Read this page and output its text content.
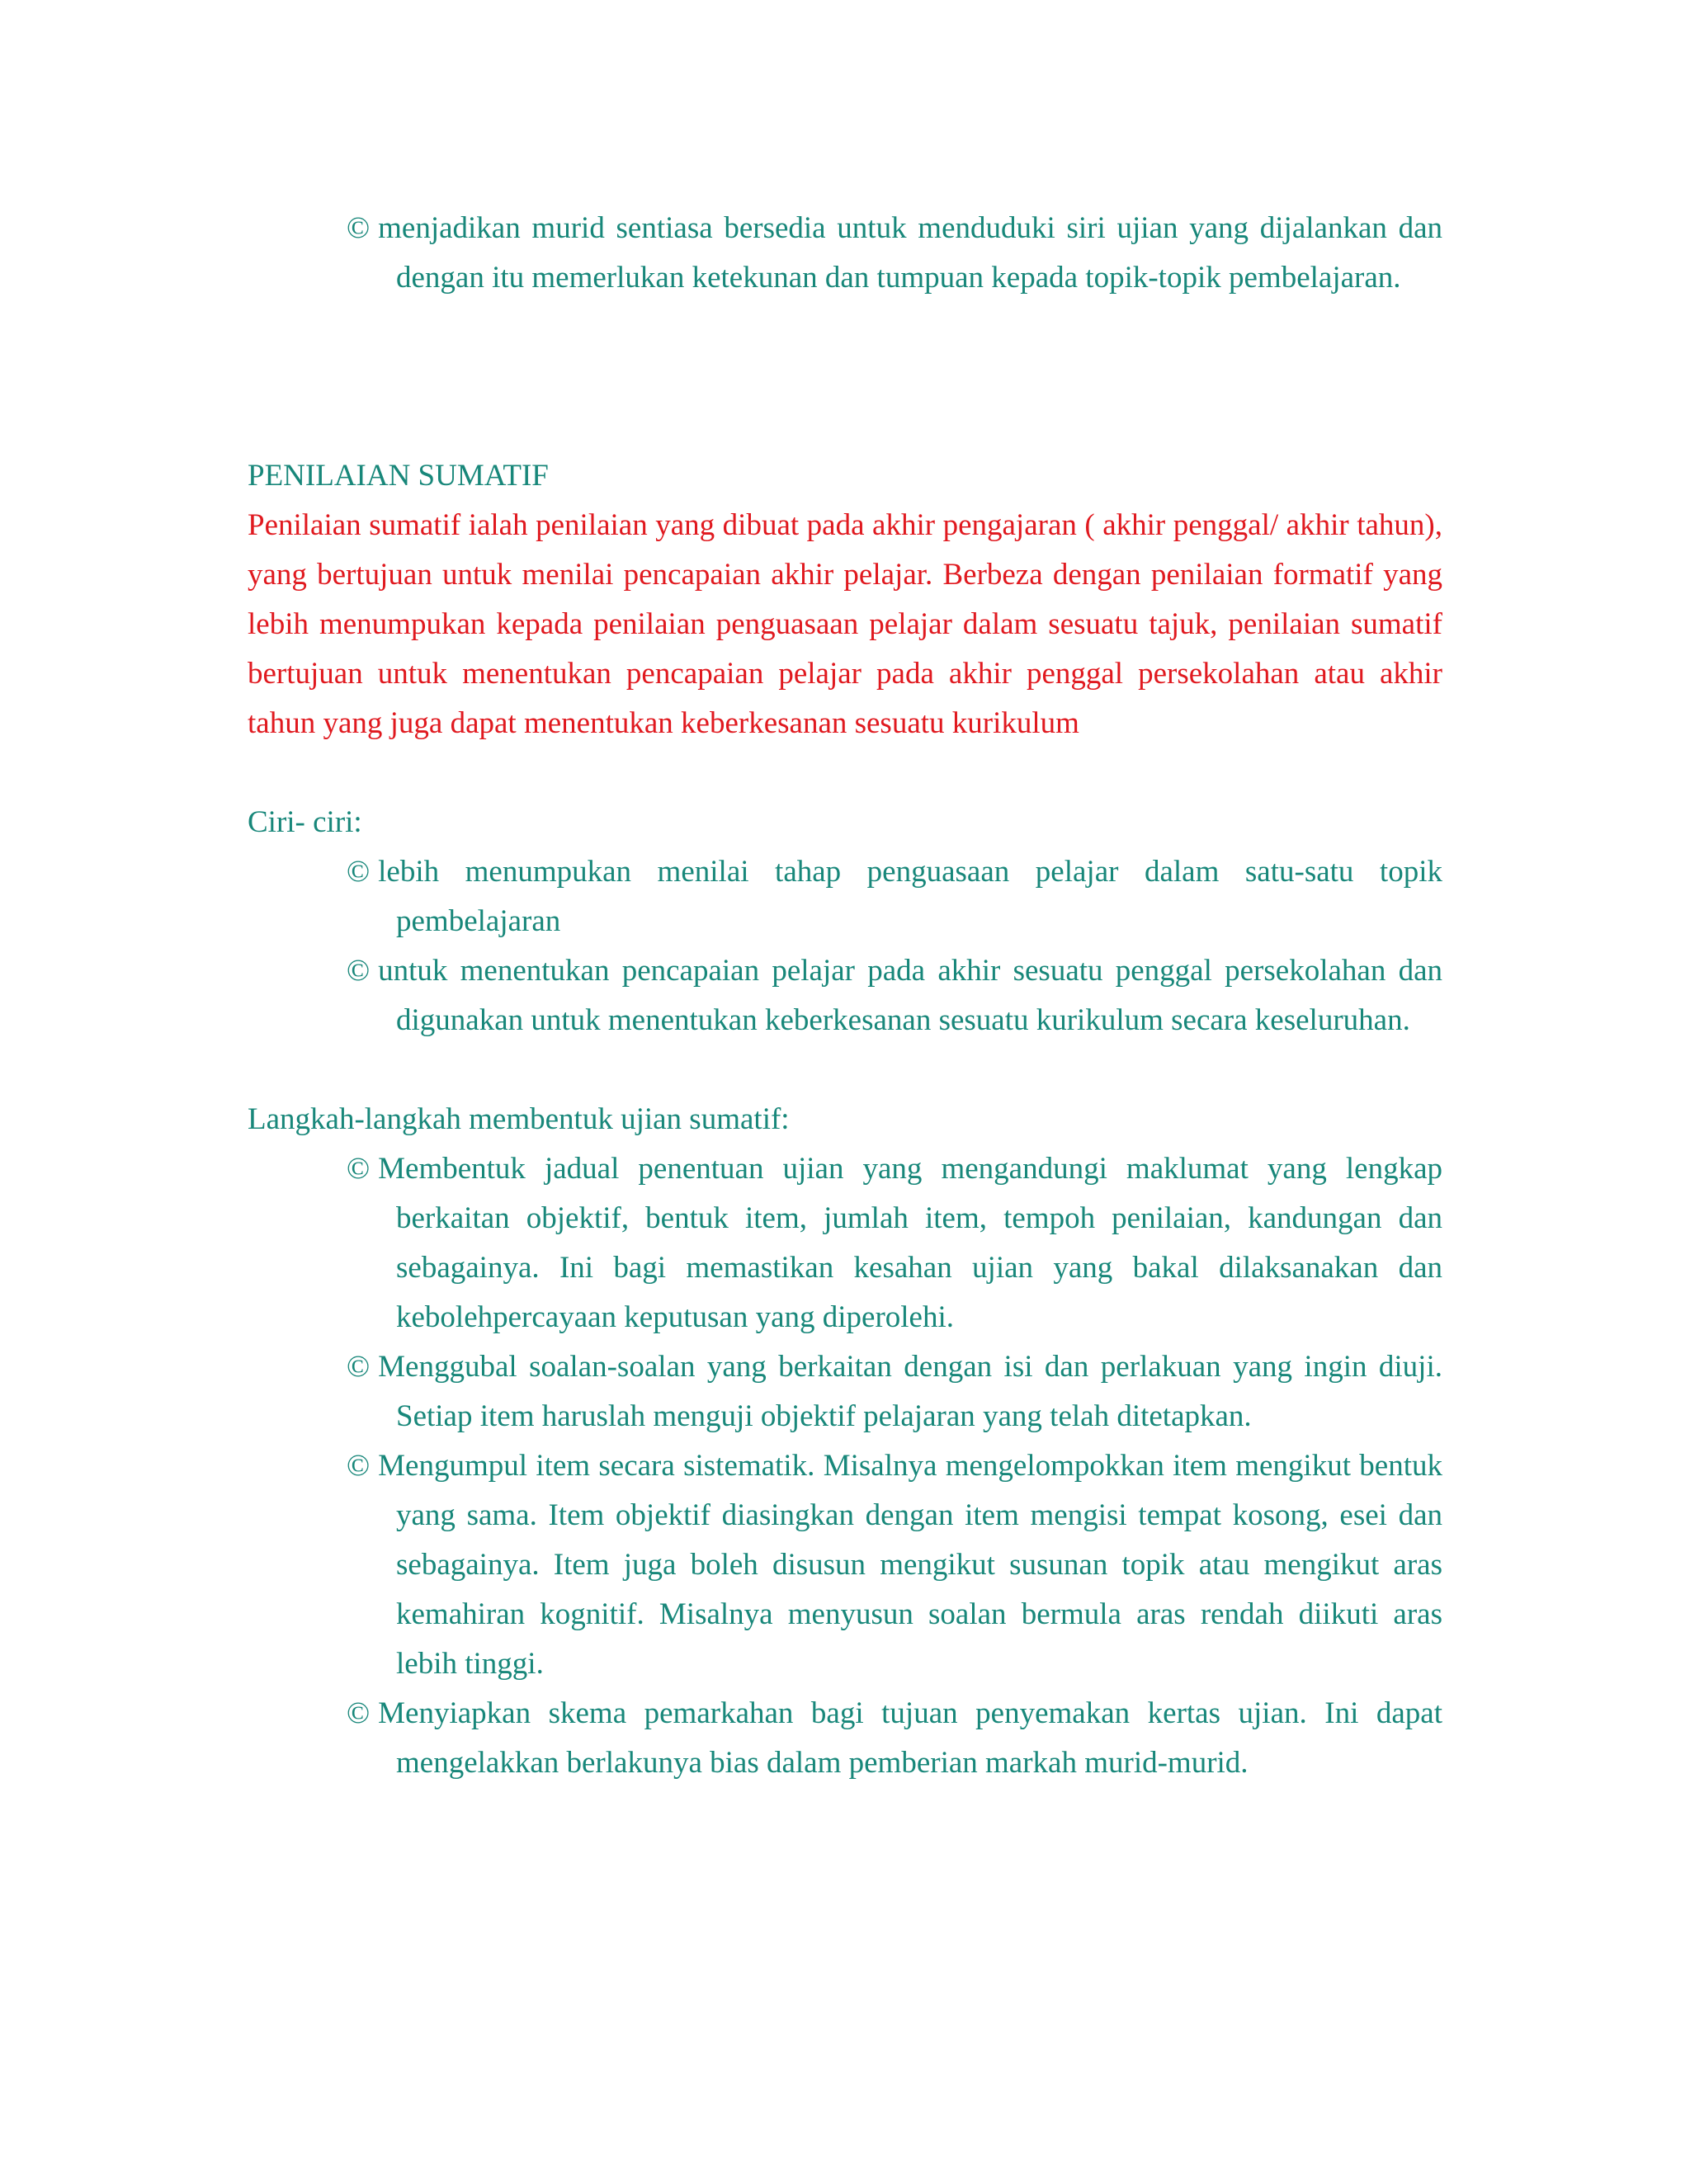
© menjadikan murid sentiasa bersedia untuk menduduki siri ujian yang dijalankan dan dengan itu memerlukan ketekunan dan tumpuan kepada topik-topik pembelajaran.
PENILAIAN SUMATIF

Penilaian sumatif ialah penilaian yang dibuat pada akhir pengajaran ( akhir penggal/ akhir tahun), yang bertujuan untuk menilai pencapaian akhir pelajar. Berbeza dengan penilaian formatif yang lebih menumpukan kepada penilaian penguasaan pelajar dalam sesuatu tajuk, penilaian sumatif bertujuan untuk menentukan pencapaian pelajar pada akhir penggal persekolahan atau akhir tahun yang juga dapat menentukan keberkesanan sesuatu kurikulum

Ciri- ciri:

© lebih menumpukan menilai tahap penguasaan pelajar dalam satu-satu topik pembelajaran
© untuk menentukan pencapaian pelajar pada akhir sesuatu penggal persekolahan dan digunakan untuk menentukan keberkesanan sesuatu kurikulum secara keseluruhan.

Langkah-langkah membentuk ujian sumatif:

© Membentuk jadual penentuan ujian yang mengandungi maklumat yang lengkap berkaitan objektif, bentuk item, jumlah item, tempoh penilaian, kandungan dan sebagainya. Ini bagi memastikan kesahan ujian yang bakal dilaksanakan dan kebolehpercayaan keputusan yang diperolehi.
© Menggubal soalan-soalan yang berkaitan dengan isi dan perlakuan yang ingin diuji. Setiap item haruslah menguji objektif pelajaran yang telah ditetapkan.
© Mengumpul item secara sistematik. Misalnya mengelompokkan item mengikut bentuk yang sama. Item objektif diasingkan dengan item mengisi tempat kosong, esei dan sebagainya. Item juga boleh disusun mengikut susunan topik atau mengikut aras kemahiran kognitif. Misalnya menyusun soalan bermula aras rendah diikuti aras lebih tinggi.
© Menyiapkan skema pemarkahan bagi tujuan penyemakan kertas ujian. Ini dapat mengelakkan berlakunya bias dalam pemberian markah murid-murid.
